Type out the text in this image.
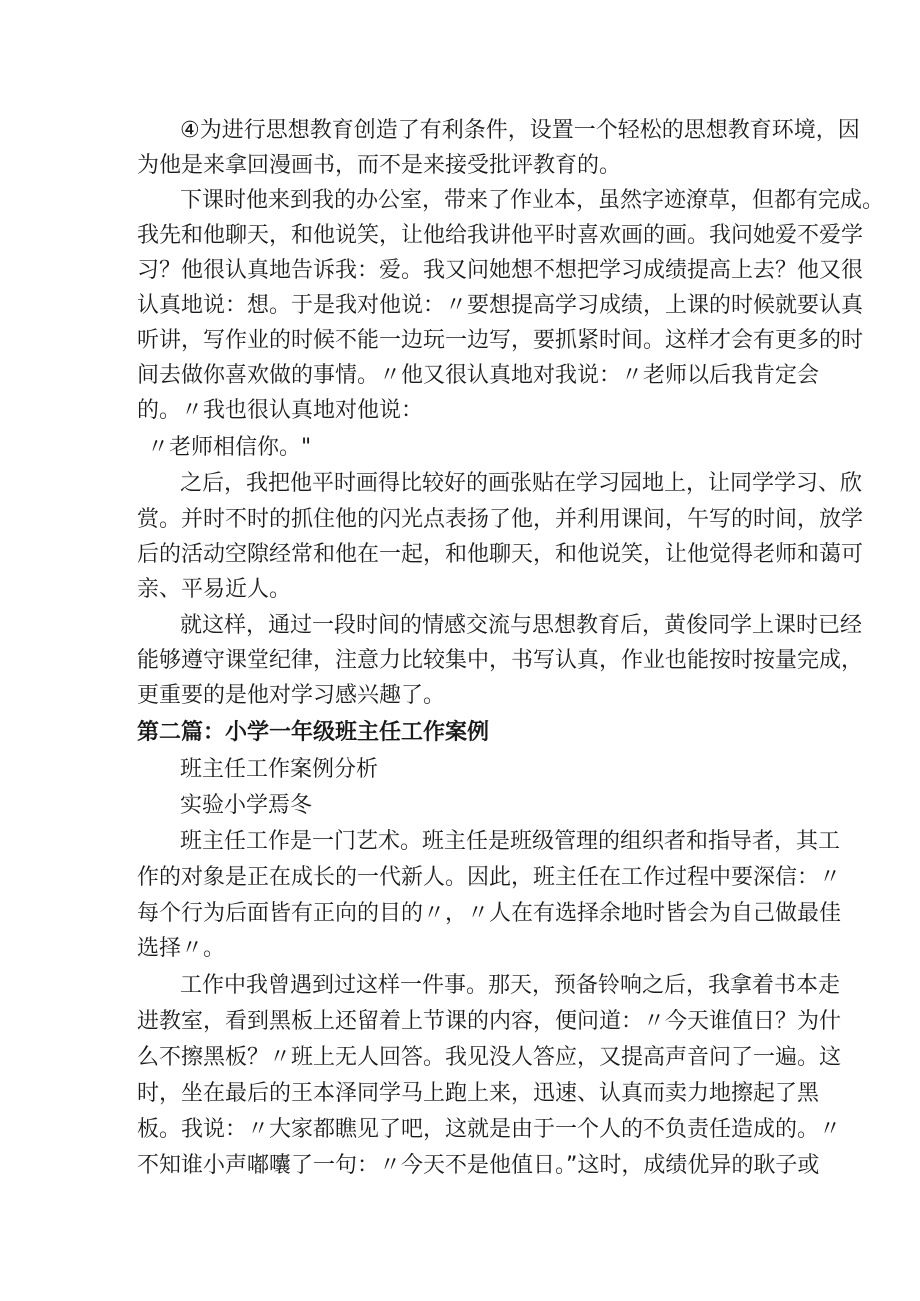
④为进行思想教育创造了有利条件，设置一个轻松的思想教育环境，因
为他是来拿回漫画书，而不是来接受批评教育的。
下课时他来到我的办公室，带来了作业本，虽然字迹潦草，但都有完成。
我先和他聊天，和他说笑，让他给我讲他平时喜欢画的画。我问她爱不爱学
习？他很认真地告诉我：爱。我又问她想不想把学习成绩提高上去？他又很
认真地说：想。于是我对他说：〃要想提高学习成绩，上课的时候就要认真
听讲，写作业的时候不能一边玩一边写，要抓紧时间。这样才会有更多的时
间去做你喜欢做的事情。〃他又很认真地对我说：〃老师以后我肯定会
的。〃我也很认真地对他说：
〃老师相信你。"
之后，我把他平时画得比较好的画张贴在学习园地上，让同学学习、欣
赏。并时不时的抓住他的闪光点表扬了他，并利用课间，午写的时间，放学
后的活动空隙经常和他在一起，和他聊天，和他说笑，让他觉得老师和蔼可
亲、平易近人。
就这样，通过一段时间的情感交流与思想教育后，黄俊同学上课时已经
能够遵守课堂纪律，注意力比较集中，书写认真，作业也能按时按量完成，
更重要的是他对学习感兴趣了。
第二篇：小学一年级班主任工作案例
班主任工作案例分析
实验小学焉冬
班主任工作是一门艺术。班主任是班级管理的组织者和指导者，其工
作的对象是正在成长的一代新人。因此，班主任在工作过程中要深信：〃
每个行为后面皆有正向的目的〃，〃人在有选择余地时皆会为自己做最佳
选择〃。
工作中我曾遇到过这样一件事。那天，预备铃响之后，我拿着书本走
进教室，看到黑板上还留着上节课的内容，便问道：〃今天谁值日？为什
么不擦黑板？〃班上无人回答。我见没人答应，又提高声音问了一遍。这
时，坐在最后的王本泽同学马上跑上来，迅速、认真而卖力地擦起了黑
板。我说：〃大家都瞧见了吧，这就是由于一个人的不负责任造成的。〃
不知谁小声嘟囔了一句：〃今天不是他值日。”这时，成绩优异的耿子或
